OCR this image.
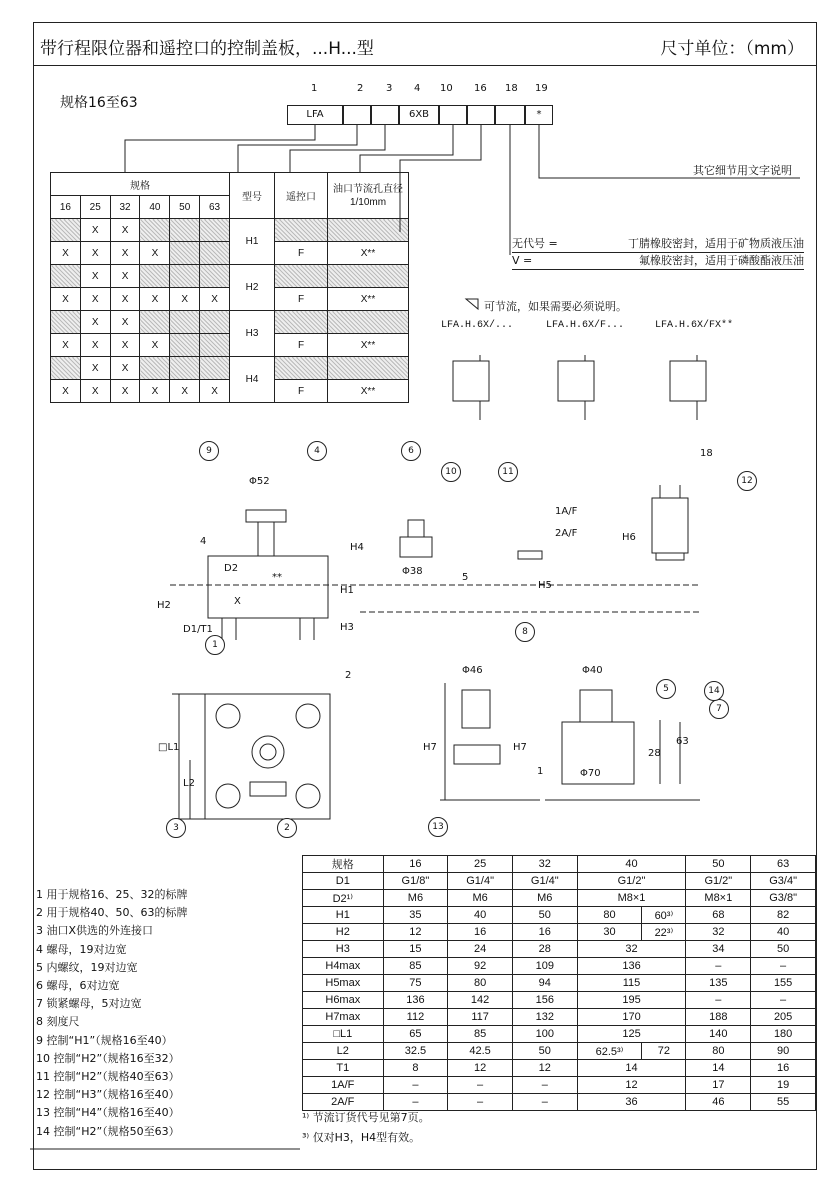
带行程限位器和遥控口的控制盖板，...H...型	尺寸单位：（mm）
规格16至63
1	2 3 4 10 16 18 19
LFA	6XB	*
其它细节用文字说明
规格						型号	遥控口	油口节流孔直径
1/10mm
16	25	32	40	50	63			
	X	X				H1		
X	X	X	X				F	X**
	X	X				H2		
X	X	X	X	X	X		F	X**
	X	X				H3		
X	X	X	X				F	X**
	X	X				H4		
X	X	X	X	X	X		F	X**
无代号 =	丁腈橡胶密封，适用于矿物质液压油
V =	氟橡胶密封，适用于磷酸酯液压油
可节流，如果需要必须说明。
LFA.H.6X/...	LFA.H.6X/F...	LFA.H.6X/FX**
Φ52
Φ38
Φ46	Φ40
Φ70
4
2
18
5
28
63
1
D2
H1
H2
H3
H4
H5
H6
H7	H7
D1/T1
□L1
L2
1A/F
2A/F
X
**
1
2
3
4
5
6
7
8
9
10	11
12
13
14
规格	16	25	32	40		50	63
D1	G1/8"	G1/4"	G1/4"	G1/2"		G1/2"	G3/4"
D2¹⁾	M6	M6	M6	M8×1		M8×1	G3/8"
H1	35	40	50	80	60³⁾	68	82
H2	12	16	16	30	22³⁾	32	40
H3	15	24	28	32		34	50
H4max	85	92	109	136		–	–
H5max	75	80	94	115		135	155
H6max	136	142	156	195		–	–
H7max	112	117	132	170		188	205
□L1	65	85	100	125		140	180
L2	32.5	42.5	50	62.5³⁾	72	80	90
T1	8	12	12	14		14	16
1A/F	–	–	–	12		17	19
2A/F	–	–	–	36		46	55
1 用于规格16、25、32的标牌
2 用于规格40、50、63的标牌
3 油口X供选的外连接口
4 螺母，19对边宽
5 内螺纹，19对边宽
6 螺母，6对边宽
7 锁紧螺母，5对边宽
8 刻度尺
9 控制“H1”（规格16至40）
10 控制“H2”（规格16至32）
11 控制“H2”（规格40至63）
12 控制“H3”（规格16至40）
13 控制“H4”（规格16至40）
14 控制“H2”（规格50至63）
¹⁾ 节流订货代号见第7页。
³⁾ 仅对H3，H4型有效。
